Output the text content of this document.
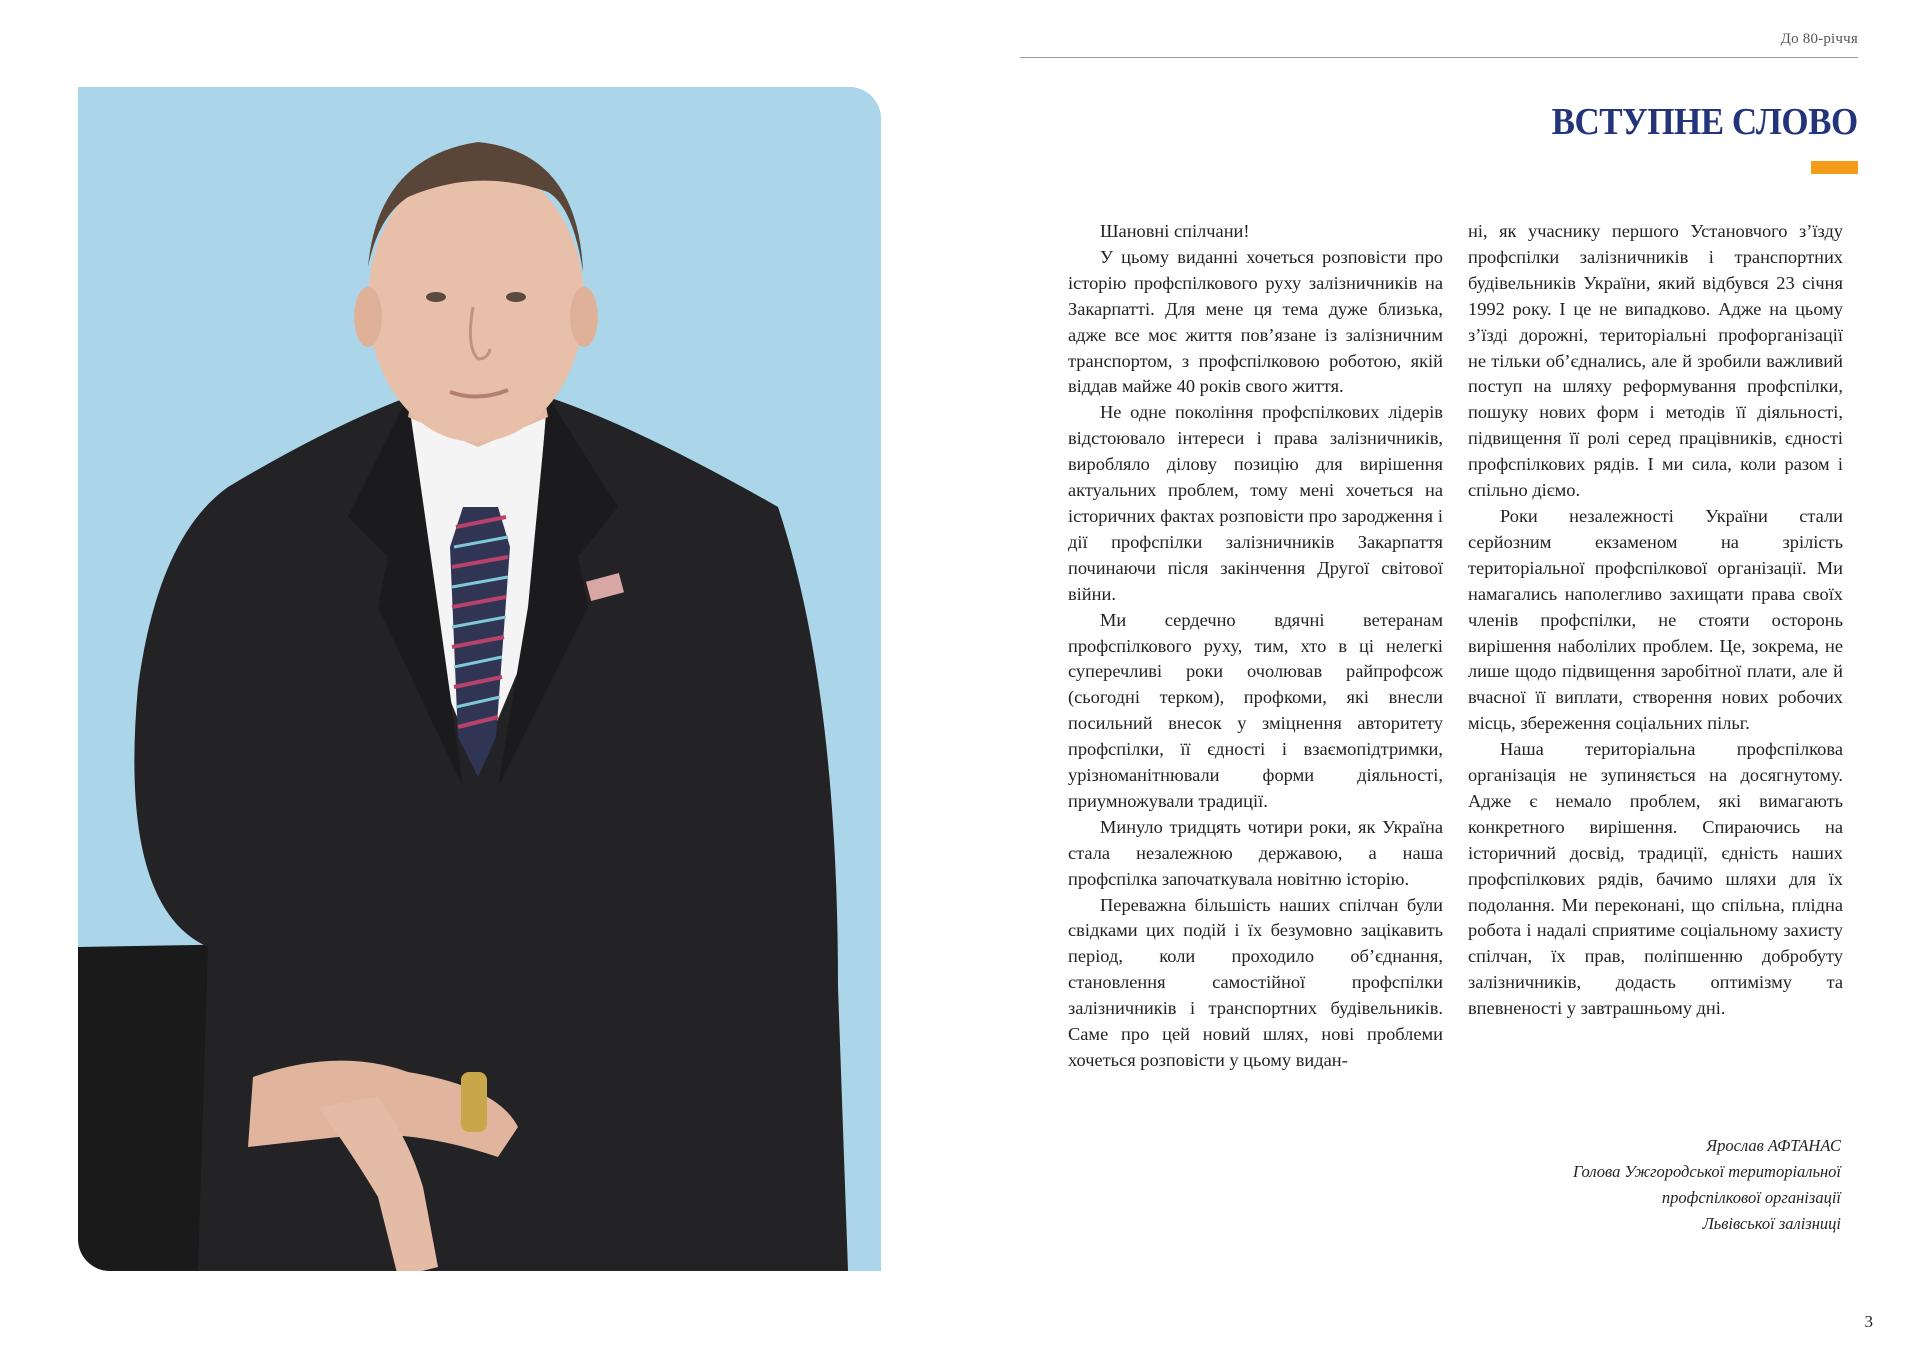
До 80-річчя
ВСТУПНЕ СЛОВО

Шановні спілчани!

У цьому виданні хочеться розповісти про історію профспілкового руху залізничників на Закарпатті. Для мене ця тема дуже близька, адже все моє життя пов’язане із залізничним транспортом, з профспілковою роботою, якій віддав майже 40 років свого життя.

Не одне покоління профспілкових лідерів відстоювало інтереси і права залізничників, виробляло ділову позицію для вирішення актуальних проблем, тому мені хочеться на історичних фактах розповісти про зародження і дії профспілки залізничників Закарпаття починаючи після закінчення Другої світової війни.

Ми сердечно вдячні ветеранам профспілкового руху, тим, хто в ці нелегкі суперечливі роки очолював райпрофсож (сьогодні терком), профкоми, які внесли посильний внесок у зміцнення авторитету профспілки, її єдності і взаємопідтримки, урізноманітнювали форми діяльності, приумножували традиції.

Минуло тридцять чотири роки, як Україна стала незалежною державою, а наша профспілка започаткувала новітню історію.

Переважна більшість наших спілчан були свідками цих подій і їх безумовно зацікавить період, коли проходило об’єднання, становлення самостійної профспілки залізничників і транспортних будівельників. Саме про цей новий шлях, нові проблеми хочеться розповісти у цьому видан-

ні, як учаснику першого Установчого з’їзду профспілки залізничників і транспортних будівельників України, який відбувся 23 січня 1992 року. І це не випадково. Адже на цьому з’їзді дорожні, територіальні профорганізації не тільки об’єднались, але й зробили важливий поступ на шляху реформування профспілки, пошуку нових форм і методів її діяльності, підвищення її ролі серед працівників, єдності профспілкових рядів. І ми сила, коли разом і спільно діємо.

Роки незалежності України стали серйозним екзаменом на зрілість територіальної профспілкової організації. Ми намагались наполегливо захищати права своїх членів профспілки, не стояти осторонь вирішення наболілих проблем. Це, зокрема, не лише щодо підвищення заробітної плати, але й вчасної її виплати, створення нових робочих місць, збереження соціальних пільг.

Наша територіальна профспілкова організація не зупиняється на досягнутому. Адже є немало проблем, які вимагають конкретного вирішення. Спираючись на історичний досвід, традиції, єдність наших профспілкових рядів, бачимо шляхи для їх подолання. Ми переконані, що спільна, плідна робота і надалі сприятиме соціальному захисту спілчан, їх прав, поліпшенню добробуту залізничників, додасть оптимізму та впевненості у завтрашньому дні.

Ярослав АФТАНАС
Голова Ужгородської територіальної
профспілкової організації
Львівської залізниці
3
